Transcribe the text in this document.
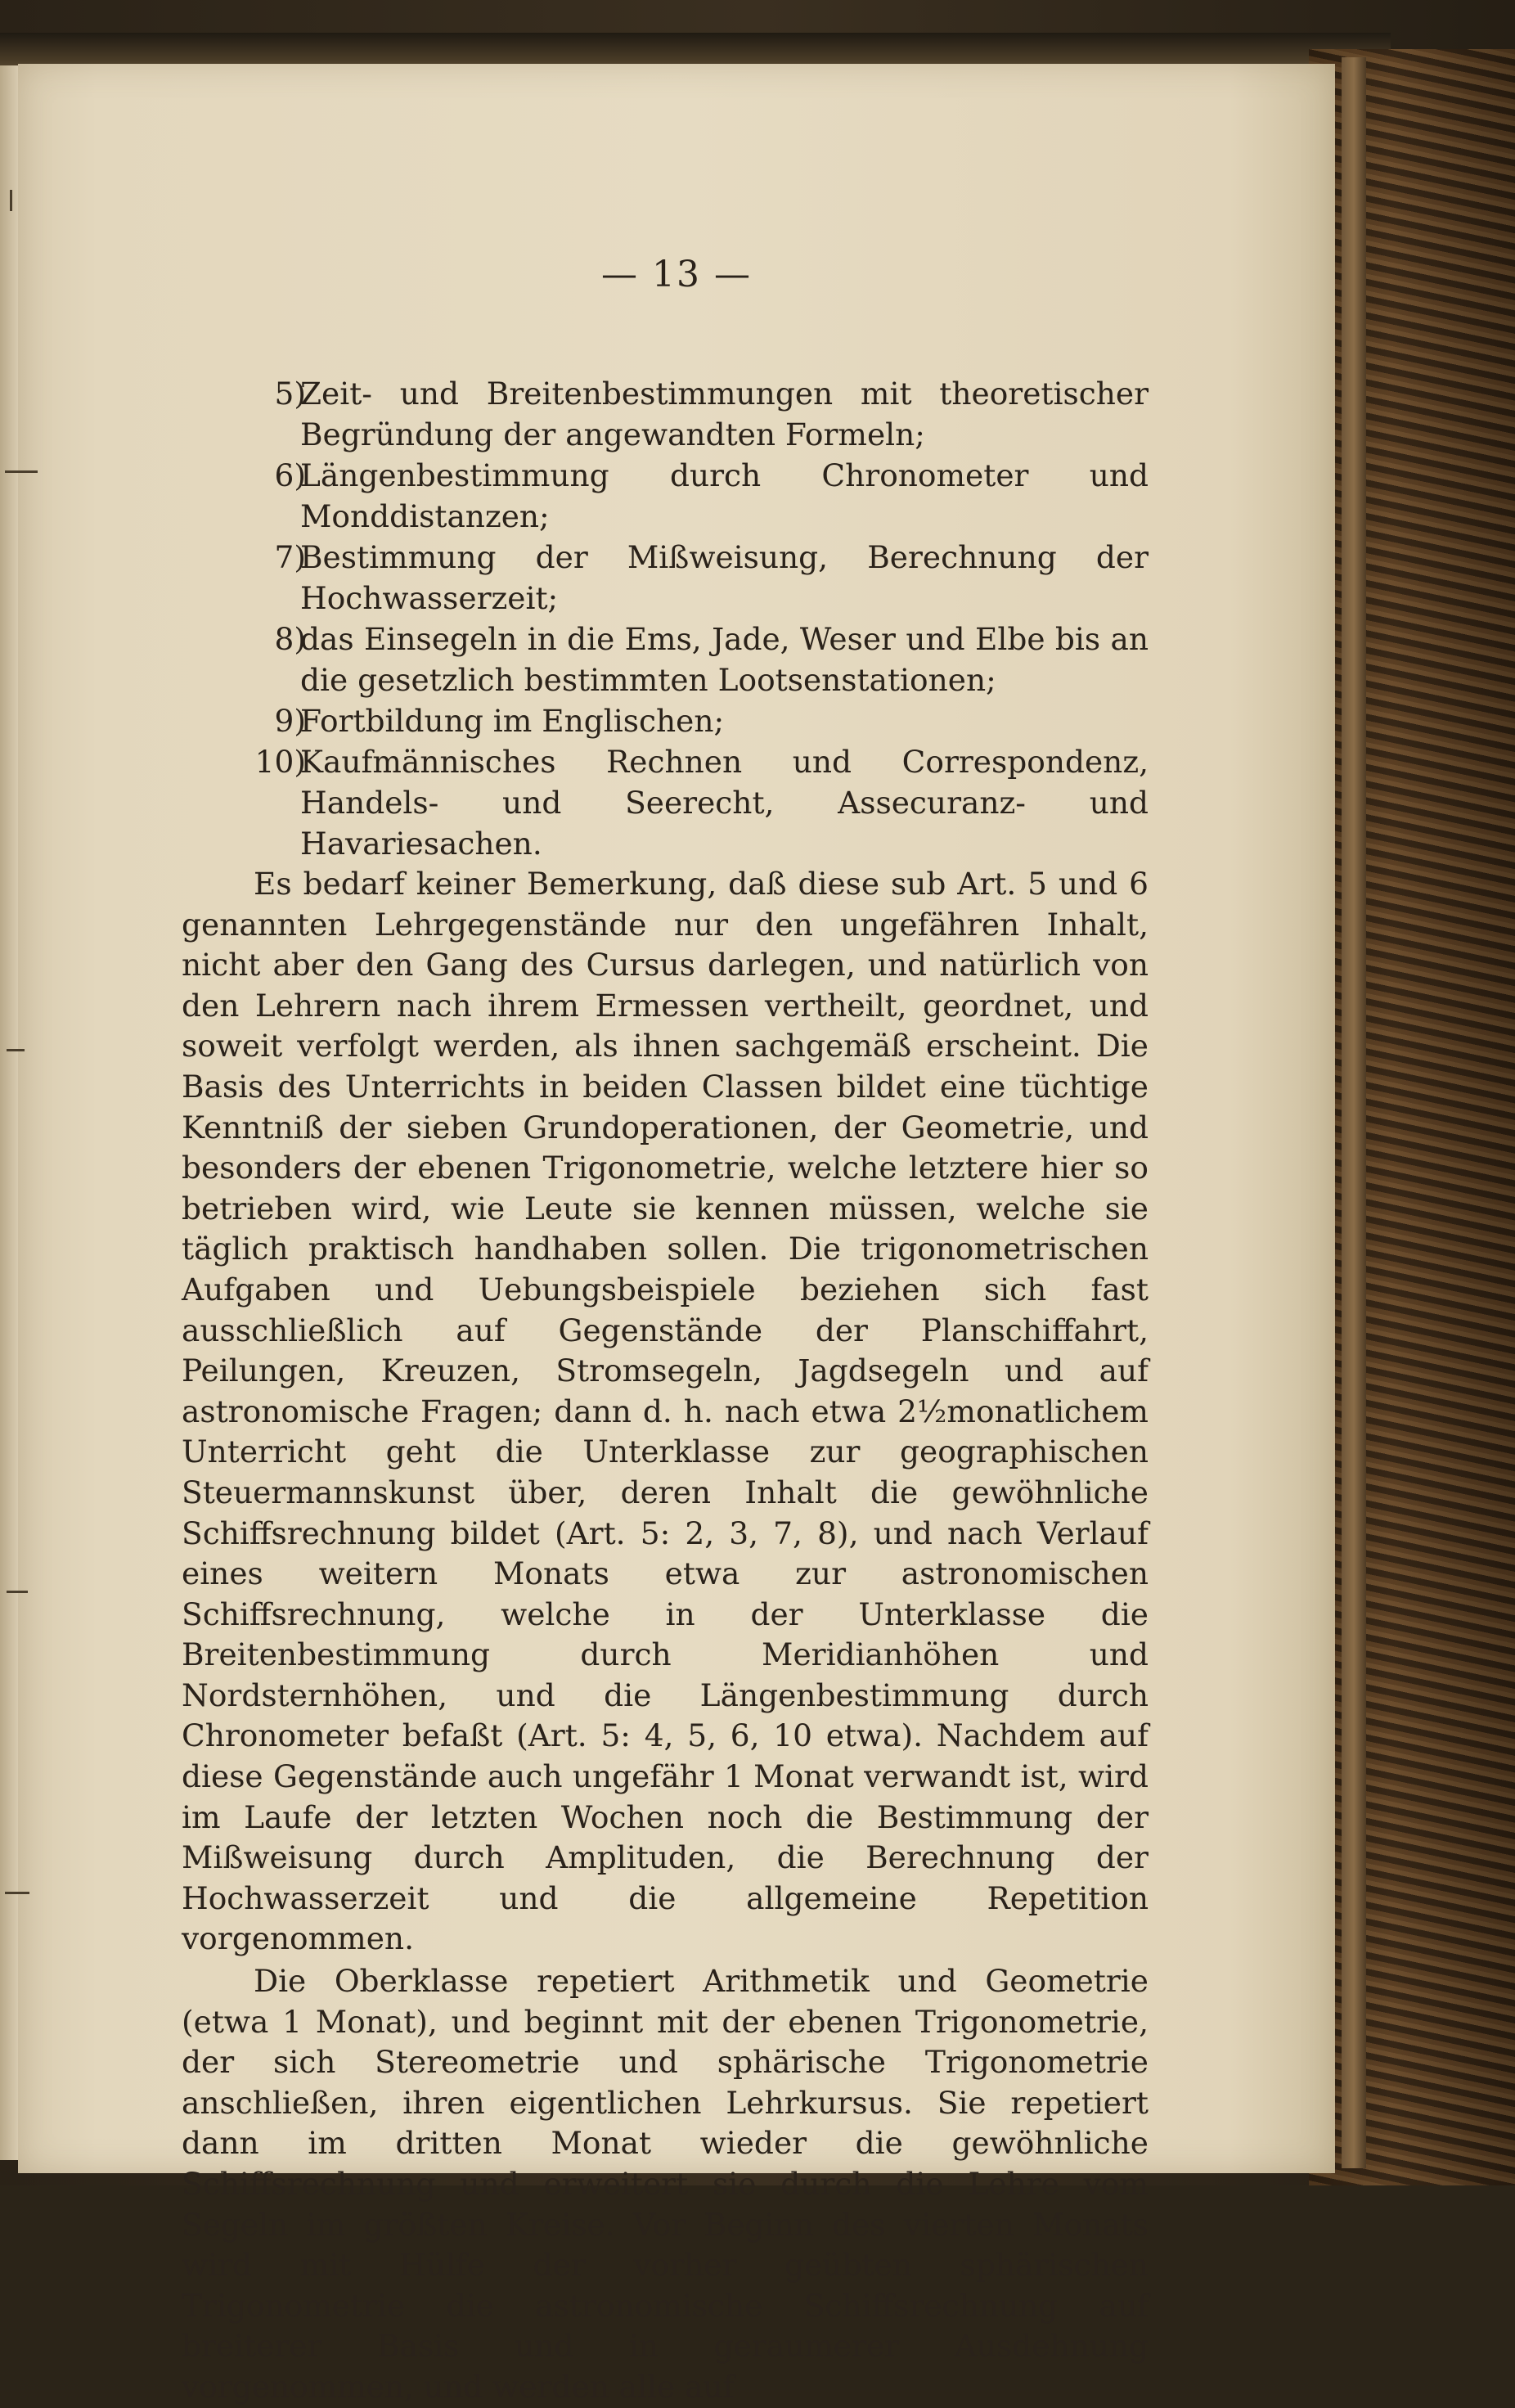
— 13 —
5)
Zeit- und Breitenbestimmungen mit theoretischer Begründung der angewandten Formeln;
6)
Längenbestimmung durch Chronometer und Monddistanzen;
7)
Bestimmung der Mißweisung, Berechnung der Hochwasserzeit;
8)
das Einsegeln in die Ems, Jade, Weser und Elbe bis an die gesetzlich bestimmten Lootsenstationen;
9)
Fortbildung im Englischen;
10)
Kaufmännisches Rechnen und Correspondenz, Handels- und Seerecht, Assecuranz- und Havariesachen.

Es bedarf keiner Bemerkung, daß diese sub Art. 5 und 6 genannten Lehrgegenstände nur den ungefähren Inhalt, nicht aber den Gang des Cursus darlegen, und natürlich von den Lehrern nach ihrem Ermessen vertheilt, geordnet, und soweit verfolgt werden, als ihnen sachgemäß erscheint. Die Basis des Unterrichts in beiden Classen bildet eine tüchtige Kenntniß der sieben Grundoperationen, der Geometrie, und besonders der ebenen Trigonometrie, welche letztere hier so betrieben wird, wie Leute sie kennen müssen, welche sie täglich praktisch handhaben sollen. Die trigonometrischen Aufgaben und Uebungsbeispiele beziehen sich fast ausschließlich auf Gegenstände der Planschiffahrt, Peilungen, Kreuzen, Stromsegeln, Jagdsegeln und auf astronomische Fragen; dann d. h. nach etwa 2½monatlichem Unterricht geht die Unterklasse zur geographischen Steuermannskunst über, deren Inhalt die gewöhnliche Schiffsrechnung bildet (Art. 5: 2, 3, 7, 8), und nach Verlauf eines weitern Monats etwa zur astronomischen Schiffsrechnung, welche in der Unterklasse die Breitenbestimmung durch Meridianhöhen und Nordsternhöhen, und die Längenbestimmung durch Chronometer befaßt (Art. 5: 4, 5, 6, 10 etwa). Nachdem auf diese Gegenstände auch ungefähr 1 Monat verwandt ist, wird im Laufe der letzten Wochen noch die Bestimmung der Mißweisung durch Amplituden, die Berechnung der Hochwasserzeit und die allgemeine Repetition vorgenommen.

Die Oberklasse repetiert Arithmetik und Geometrie (etwa 1 Monat), und beginnt mit der ebenen Trigonometrie, der sich Stereometrie und sphärische Trigonometrie anschließen, ihren eigentlichen Lehrkursus. Sie repetiert dann im dritten Monat wieder die gewöhnliche Schiffsrechnung und erweitert sie durch die Lehre vom Segeln im größten Kreise. Vor Beginn des vierten Monats wird mit Hülfe der vorher geübten sphärischen Trigonometrie die astronomische Schiffsrechnung auf breiterer Basis und in geraumerer Ausdehnung vorgenommen, und werden alle auf
